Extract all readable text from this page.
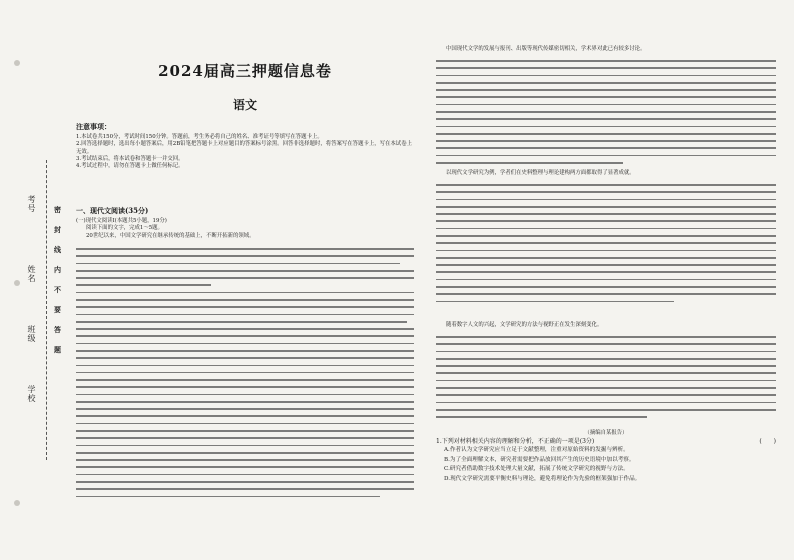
考号
姓名
班级
学校
密
封
线
内
不
要
答
题
2024届高三押题信息卷
语文
注意事项：

1.本试卷共150分，考试时间150分钟。答题前，考生务必将自己的姓名、准考证号等填写在答题卡上。

2.回答选择题时，选出每小题答案后，用2B铅笔把答题卡上对应题目的答案标号涂黑。回答非选择题时，将答案写在答题卡上，写在本试卷上无效。

3.考试结束后，将本试卷和答题卡一并交回。

4.考试过程中，请勿在答题卡上做任何标记。

一、现代文阅读(35分)

(一)现代文阅读Ⅰ(本题共5小题，19分)

阅读下面的文字，完成1～5题。

20世纪以来，中国文学研究在继承传统的基础上，不断开拓新的领域。

中国现代文学的发展与报刊、出版等现代传媒密切相关，学术界对此已有较多讨论。

以现代文学研究为例，学者们在史料整理与理论建构两方面都取得了显著成就。

随着数字人文的兴起，文学研究的方法与视野正在发生深刻变化。

（摘编自某报告）
1.下列对材料相关内容的理解和分析，不正确的一项是(3分)	(　　)
A.作者认为文学研究应当立足于文献整理，注重对原始资料的发掘与辨析。
B.为了全面理解文本，研究者需要把作品放回其产生的历史语境中加以考察。
C.研究者借助数字技术处理大量文献，拓展了传统文学研究的视野与方法。
D.现代文学研究需要平衡史料与理论，避免将理论作为先验的框架强加于作品。
